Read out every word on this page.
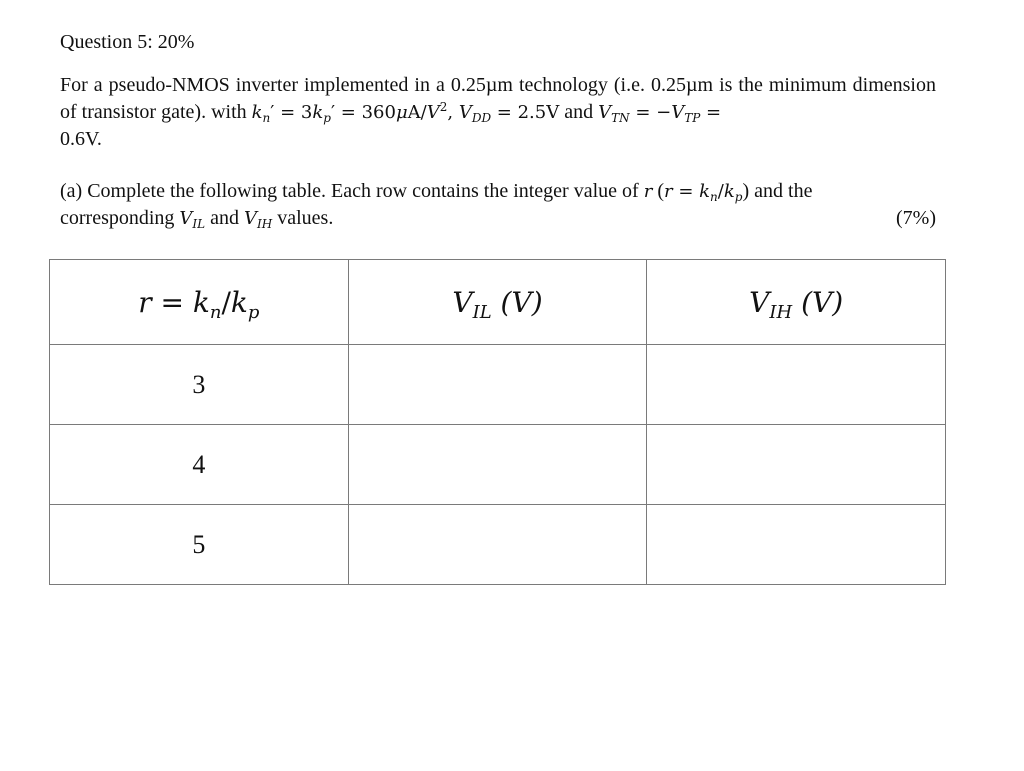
Question 5: 20%
For a pseudo-NMOS inverter implemented in a 0.25µm technology (i.e. 0.25µm is the minimum dimension of transistor gate). with $k_n' = 3k_p' = 360\mu A/V^2$, $V_{DD} = 2.5V$ and $V_{TN} = -V_{TP}$ =
0.6V.
(a) Complete the following table. Each row contains the integer value of r $(r = k_n/k_p)$ and the
corresponding $V_{IL}$ and $V_{IH}$ values.	(7%)
$r = k_n/k_p$	$V_{IL}$ (V)	$V_{IH}$ (V)
3		
4		
5		
